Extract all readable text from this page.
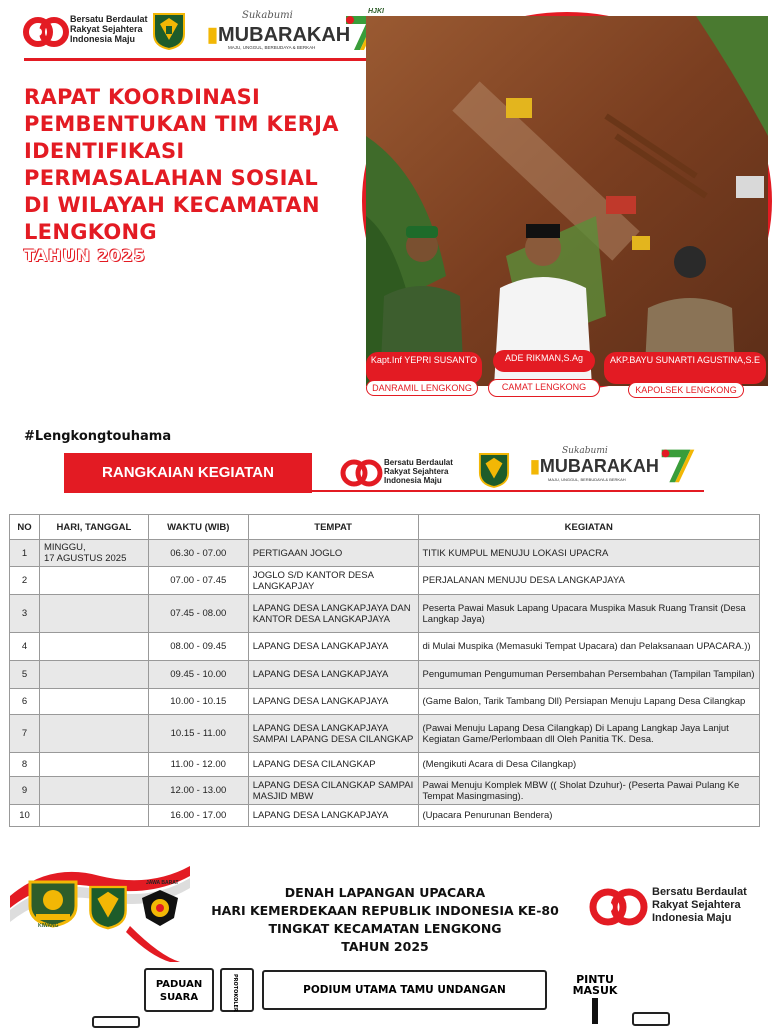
Bersatu Berdaulat
Rakyat Sejahtera
Indonesia Maju
Sukabumi
▮MUBARAKAH
MAJU, UNGGUL, BERBUDAYA & BERKAH
HJKI
RAPAT KOORDINASI
PEMBENTUKAN TIM KERJA
IDENTIFIKASI
PERMASALAHAN SOSIAL
DI WILAYAH KECAMATAN
LENGKONG
TAHUN 2025
Kapt.Inf YEPRI SUSANTO
DANRAMIL LENGKONG
ADE RIKMAN,S.Ag
CAMAT LENGKONG
AKP.BAYU SUNARTI AGUSTINA,S.E
KAPOLSEK LENGKONG
#Lengkongtouhama
RANGKAIAN KEGIATAN
Bersatu Berdaulat
Rakyat Sejahtera
Indonesia Maju
Sukabumi
▮MUBARAKAH
MAJU, UNGGUL, BERBUDAYA & BERKAH
NO	HARI, TANGGAL	WAKTU (WIB)	TEMPAT	KEGIATAN
1	MINGGU,
17 AGUSTUS 2025	06.30 - 07.00	PERTIGAAN JOGLO	TITIK KUMPUL MENUJU LOKASI UPACRA
2		07.00 - 07.45	JOGLO S/D KANTOR DESA LANGKAPJAY	PERJALANAN MENUJU DESA LANGKAPJAYA
3		07.45 - 08.00	LAPANG DESA LANGKAPJAYA DAN KANTOR DESA LANGKAPJAYA	Peserta Pawai Masuk Lapang Upacara Muspika Masuk Ruang Transit (Desa Langkap Jaya)
4		08.00 - 09.45	LAPANG DESA LANGKAPJAYA	di Mulai Muspika (Memasuki Tempat Upacara) dan Pelaksanaan UPACARA.))
5		09.45 - 10.00	LAPANG DESA LANGKAPJAYA	Pengumuman Pengumuman Persembahan Persembahan (Tampilan Tampilan)
6		10.00 - 10.15	LAPANG DESA LANGKAPJAYA	(Game Balon, Tarik Tambang Dll) Persiapan Menuju Lapang Desa Cilangkap
7		10.15 - 11.00	LAPANG DESA LANGKAPJAYA SAMPAI LAPANG DESA CILANGKAP	(Pawai Menuju Lapang Desa Cilangkap) Di Lapang Langkap Jaya Lanjut Kegiatan Game/Perlombaan dll Oleh Panitia TK. Desa.
8		11.00 - 12.00	LAPANG DESA CILANGKAP	(Mengikuti Acara di Desa Cilangkap)
9		12.00 - 13.00	LAPANG DESA CILANGKAP SAMPAI MASJID MBW	Pawai Menuju Komplek MBW (( Sholat Dzuhur)- (Peserta Pawai Pulang Ke Tempat Masingmasing).
10		16.00 - 17.00	LAPANG DESA LANGKAPJAYA	(Upacara Penurunan Bendera)
KIWANG
JAWA BARAT
DENAH LAPANGAN UPACARA
HARI KEMERDEKAAN REPUBLIK INDONESIA KE-80
TINGKAT KECAMATAN LENGKONG
TAHUN 2025
Bersatu Berdaulat
Rakyat Sejahtera
Indonesia Maju
PADUAN
SUARA	PROTOKOLER	PODIUM UTAMA TAMU UNDANGAN
PINTU
MASUK
